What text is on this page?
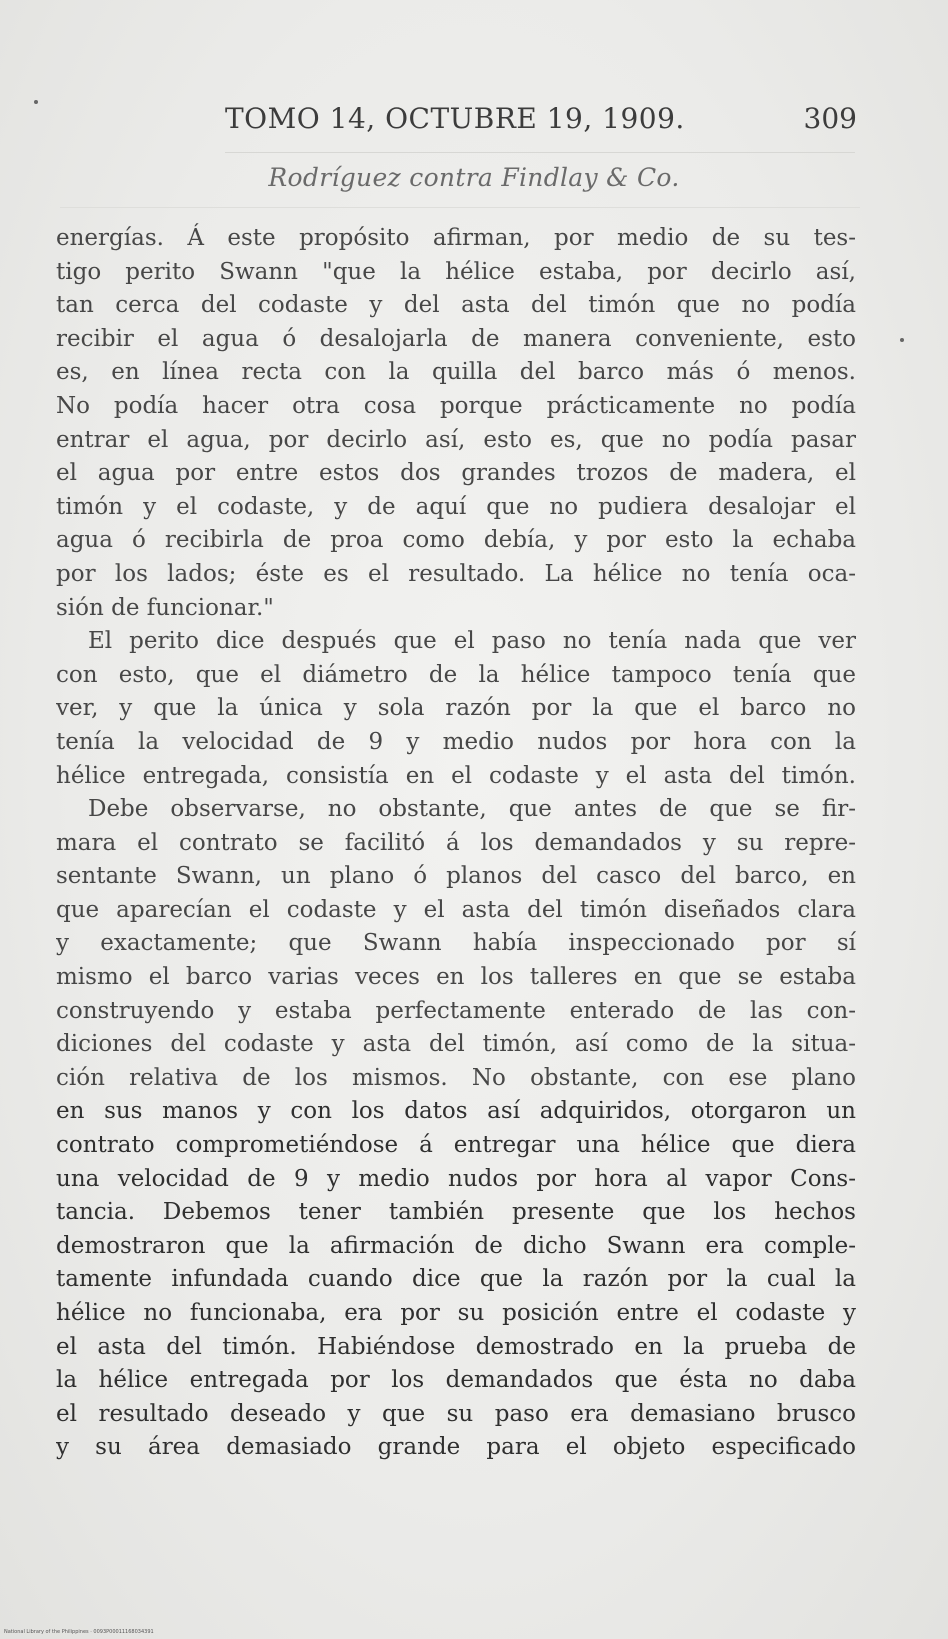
TOMO 14, OCTUBRE 19, 1909.	309
Rodríguez contra Findlay & Co.
energías. Á este propósito afirman, por medio de su tes-
tigo perito Swann "que la hélice estaba, por decirlo así,
tan cerca del codaste y del asta del timón que no podía
recibir el agua ó desalojarla de manera conveniente, esto
es, en línea recta con la quilla del barco más ó menos.
No podía hacer otra cosa porque prácticamente no podía
entrar el agua, por decirlo así, esto es, que no podía pasar
el agua por entre estos dos grandes trozos de madera, el
timón y el codaste, y de aquí que no pudiera desalojar el
agua ó recibirla de proa como debía, y por esto la echaba
por los lados; éste es el resultado. La hélice no tenía oca-
sión de funcionar."
El perito dice después que el paso no tenía nada que ver
con esto, que el diámetro de la hélice tampoco tenía que
ver, y que la única y sola razón por la que el barco no
tenía la velocidad de 9 y medio nudos por hora con la
hélice entregada, consistía en el codaste y el asta del timón.
Debe observarse, no obstante, que antes de que se fir-
mara el contrato se facilitó á los demandados y su repre-
sentante Swann, un plano ó planos del casco del barco, en
que aparecían el codaste y el asta del timón diseñados clara
y exactamente; que Swann había inspeccionado por sí
mismo el barco varias veces en los talleres en que se estaba
construyendo y estaba perfectamente enterado de las con-
diciones del codaste y asta del timón, así como de la situa-
ción relativa de los mismos. No obstante, con ese plano
en sus manos y con los datos así adquiridos, otorgaron un
contrato comprometiéndose á entregar una hélice que diera
una velocidad de 9 y medio nudos por hora al vapor Cons-
tancia. Debemos tener también presente que los hechos
demostraron que la afirmación de dicho Swann era comple-
tamente infundada cuando dice que la razón por la cual la
hélice no funcionaba, era por su posición entre el codaste y
el asta del timón. Habiéndose demostrado en la prueba de
la hélice entregada por los demandados que ésta no daba
el resultado deseado y que su paso era demasiano brusco
y su área demasiado grande para el objeto especificado
National Library of the Philippines · 0093P00011168034391
